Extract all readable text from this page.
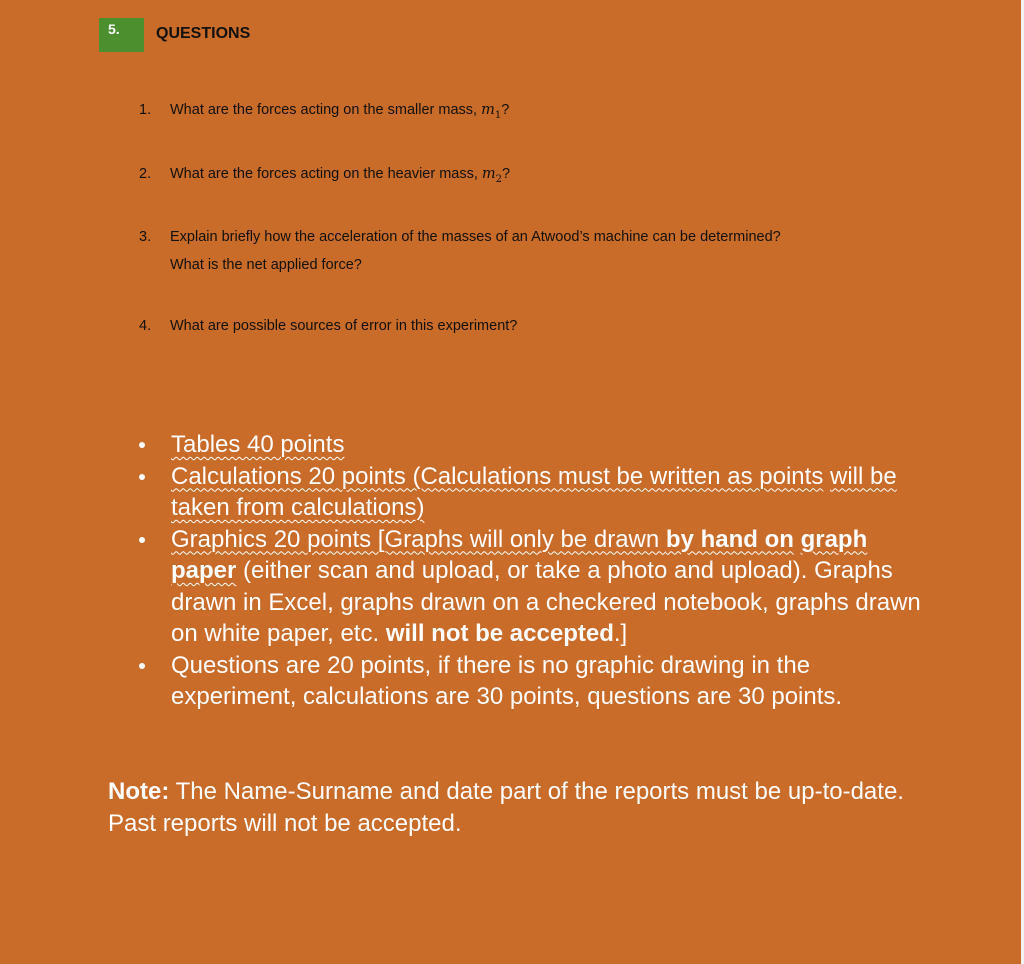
5.	QUESTIONS
1. What are the forces acting on the smaller mass, $m_1$?
2. What are the forces acting on the heavier mass, $m_2$?
3. Explain briefly how the acceleration of the masses of an Atwood’s machine can be determined?
What is the net applied force?
4. What are possible sources of error in this experiment?
Tables 40 points
Calculations 20 points (Calculations must be written as points will be taken from calculations)
Graphics 20 points [Graphs will only be drawn by hand on graph paper (either scan and upload, or take a photo and upload). Graphs drawn in Excel, graphs drawn on a checkered notebook, graphs drawn on white paper, etc. will not be accepted.]
Questions are 20 points, if there is no graphic drawing in the experiment, calculations are 30 points, questions are 30 points.
Note: The Name-Surname and date part of the reports must be up-to-date. Past reports will not be accepted.
